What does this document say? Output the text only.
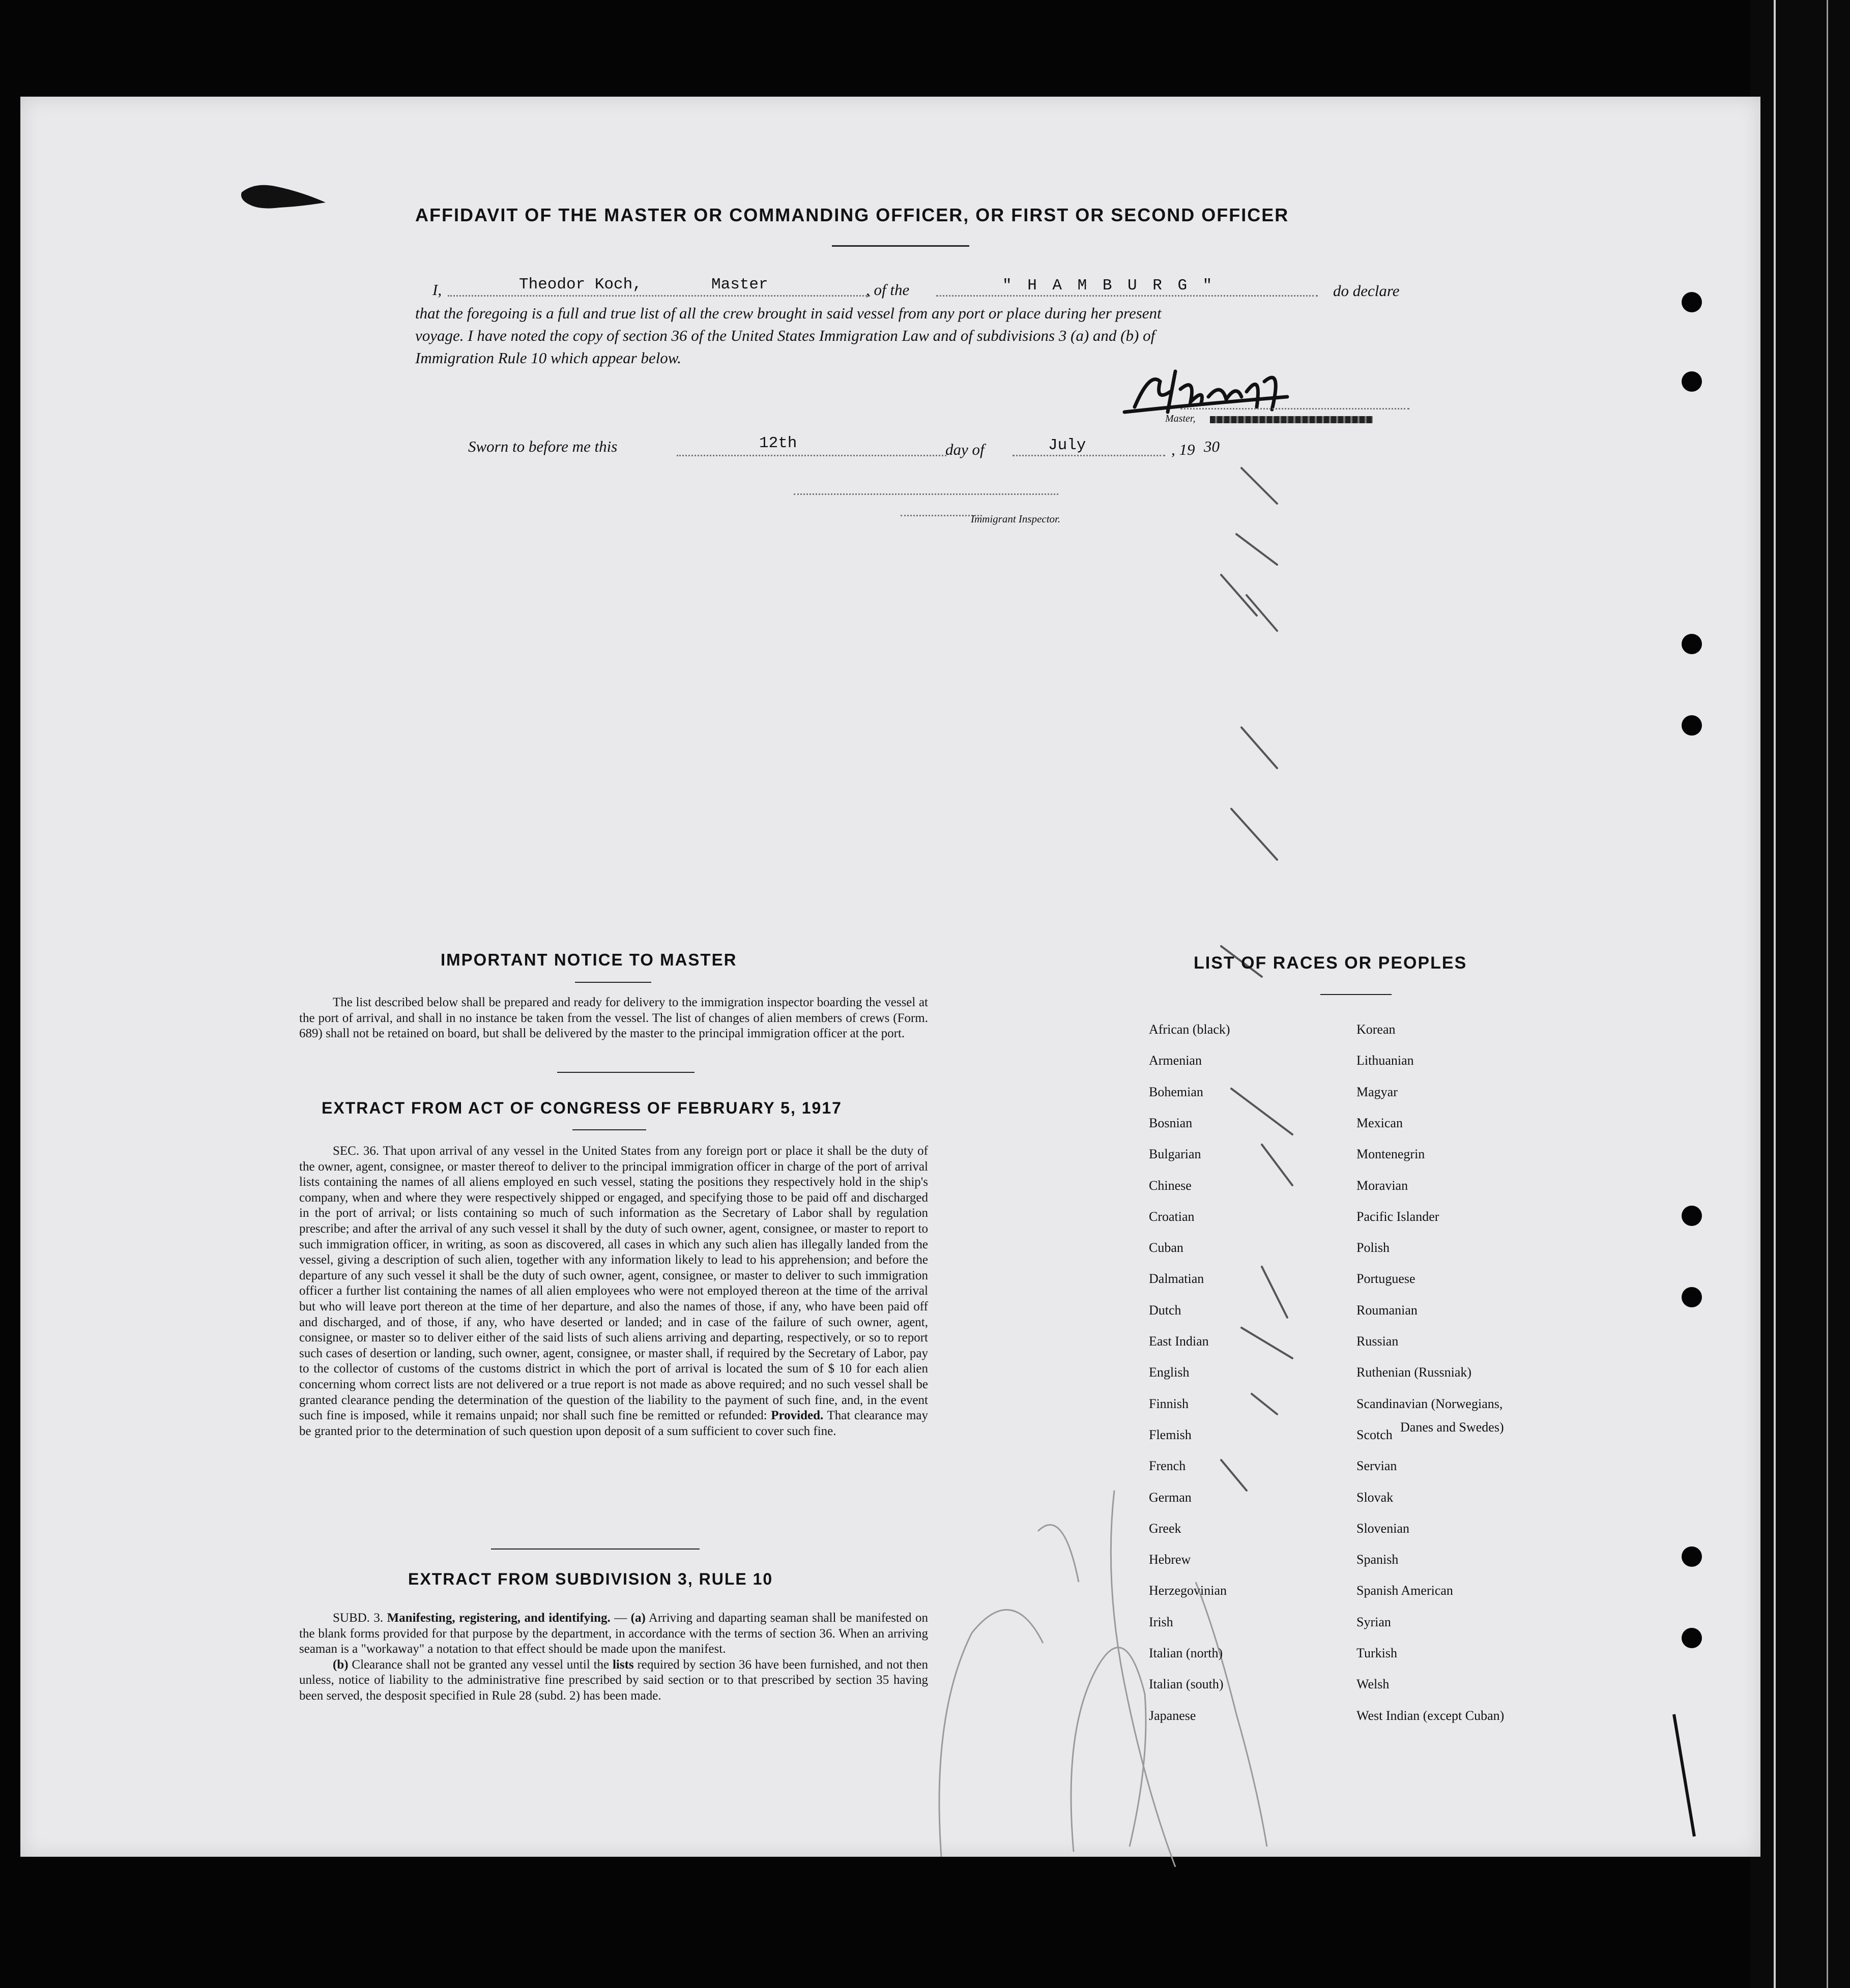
AFFIDAVIT OF THE MASTER OR COMMANDING OFFICER, OR FIRST OR SECOND OFFICER
I,	Theodor Koch,	Master	, of the	" H A M B U R G "	do declare
that the foregoing is a full and true list of all the crew brought in said vessel from any port or place during her present
voyage. I have noted the copy of section 36 of the United States Immigration Law and of subdivisions 3 (a) and (b) of
Immigration Rule 10 which appear below.
Master,
Sworn to before me this	12th	day of	July	, 19 30
Immigrant Inspector.
IMPORTANT NOTICE TO MASTER

The list described below shall be prepared and ready for delivery to the immigration inspector boarding the vessel at the port of arrival, and shall in no instance be taken from the vessel. The list of changes of alien members of crews (Form. 689) shall not be retained on board, but shall be delivered by the master to the principal immigration officer at the port.

EXTRACT FROM ACT OF CONGRESS OF FEBRUARY 5, 1917

SEC. 36. That upon arrival of any vessel in the United States from any foreign port or place it shall be the duty of the owner, agent, consignee, or master thereof to deliver to the principal immigration officer in charge of the port of arrival lists containing the names of all aliens employed en such vessel, stating the positions they respectively hold in the ship's company, when and where they were respectively shipped or engaged, and specifying those to be paid off and discharged in the port of arrival; or lists containing so much of such information as the Secretary of Labor shall by regulation prescribe; and after the arrival of any such vessel it shall by the duty of such owner, agent, consignee, or master to report to such immigration officer, in writing, as soon as discovered, all cases in which any such alien has illegally landed from the vessel, giving a description of such alien, together with any information likely to lead to his apprehension; and before the departure of any such vessel it shall be the duty of such owner, agent, consignee, or master to deliver to such immigration officer a further list containing the names of all alien employees who were not employed thereon at the time of the arrival but who will leave port thereon at the time of her departure, and also the names of those, if any, who have been paid off and discharged, and of those, if any, who have deserted or landed; and in case of the failure of such owner, agent, consignee, or master so to deliver either of the said lists of such aliens arriving and departing, respectively, or so to report such cases of desertion or landing, such owner, agent, consignee, or master shall, if required by the Secretary of Labor, pay to the collector of customs of the customs district in which the port of arrival is located the sum of $ 10 for each alien concerning whom correct lists are not delivered or a true report is not made as above required; and no such vessel shall be granted clearance pending the determination of the question of the liability to the payment of such fine, and, in the event such fine is imposed, while it remains unpaid; nor shall such fine be remitted or refunded: Provided. That clearance may be granted prior to the determination of such question upon deposit of a sum sufficient to cover such fine.

EXTRACT FROM SUBDIVISION 3, RULE 10

SUBD. 3. Manifesting, registering, and identifying. — (a) Arriving and daparting seaman shall be manifested on the blank forms provided for that purpose by the department, in accordance with the terms of section 36. When an arriving seaman is a "workaway" a notation to that effect should be made upon the manifest.

(b) Clearance shall not be granted any vessel until the lists required by section 36 have been furnished, and not then unless, notice of liability to the administrative fine prescribed by said section or to that prescribed by section 35 having been served, the desposit specified in Rule 28 (subd. 2) has been made.

LIST OF RACES OR PEOPLES
African (black)
Armenian
Bohemian
Bosnian
Bulgarian
Chinese
Croatian
Cuban
Dalmatian
Dutch
East Indian
English
Finnish
Flemish
French
German
Greek
Hebrew
Herzegovinian
Irish
Italian (north)
Italian (south)
Japanese
Korean
Lithuanian
Magyar
Mexican
Montenegrin
Moravian
Pacific Islander
Polish
Portuguese
Roumanian
Russian
Ruthenian (Russniak)
Scandinavian (Norwegians,
Scotch
Servian
Slovak
Slovenian
Spanish
Spanish American
Syrian
Turkish
Welsh
West Indian (except Cuban)
Danes and Swedes)
